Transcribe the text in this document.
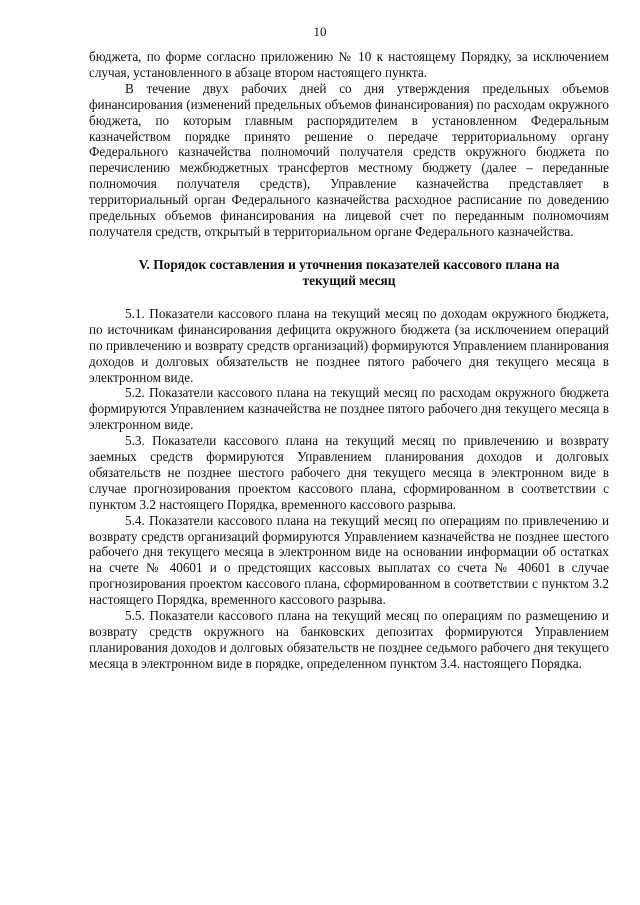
10

бюджета, по форме согласно приложению № 10 к настоящему Порядку, за исключением случая, установленного в абзаце втором настоящего пункта.

В течение двух рабочих дней со дня утверждения предельных объемов финансирования (изменений предельных объемов финансирования) по расходам окружного бюджета, по которым главным распорядителем в установленном Федеральным казначейством порядке принято решение о передаче территориальному органу Федерального казначейства полномочий получателя средств окружного бюджета по перечислению межбюджетных трансфертов местному бюджету (далее – переданные полномочия получателя средств), Управление казначейства представляет в территориальный орган Федерального казначейства расходное расписание по доведению предельных объемов финансирования на лицевой счет по переданным полномочиям получателя средств, открытый в территориальном органе Федерального казначейства.

V. Порядок составления и уточнения показателей кассового плана на текущий месяц

5.1. Показатели кассового плана на текущий месяц по доходам окружного бюджета, по источникам финансирования дефицита окружного бюджета (за исключением операций по привлечению и возврату средств организаций) формируются Управлением планирования доходов и долговых обязательств не позднее пятого рабочего дня текущего месяца в электронном виде.

5.2. Показатели кассового плана на текущий месяц по расходам окружного бюджета формируются Управлением казначейства не позднее пятого рабочего дня текущего месяца в электронном виде.

5.3. Показатели кассового плана на текущий месяц по привлечению и возврату заемных средств формируются Управлением планирования доходов и долговых обязательств не позднее шестого рабочего дня текущего месяца в электронном виде в случае прогнозирования проектом кассового плана, сформированном в соответствии с пунктом 3.2 настоящего Порядка, временного кассового разрыва.

5.4. Показатели кассового плана на текущий месяц по операциям по привлечению и возврату средств организаций формируются Управлением казначейства не позднее шестого рабочего дня текущего месяца в электронном виде на основании информации об остатках на счете № 40601 и о предстоящих кассовых выплатах со счета № 40601 в случае прогнозирования проектом кассового плана, сформированном в соответствии с пунктом 3.2 настоящего Порядка, временного кассового разрыва.

5.5. Показатели кассового плана на текущий месяц по операциям по размещению и возврату средств окружного на банковских депозитах формируются Управлением планирования доходов и долговых обязательств не позднее седьмого рабочего дня текущего месяца в электронном виде в порядке, определенном пунктом 3.4. настоящего Порядка.
